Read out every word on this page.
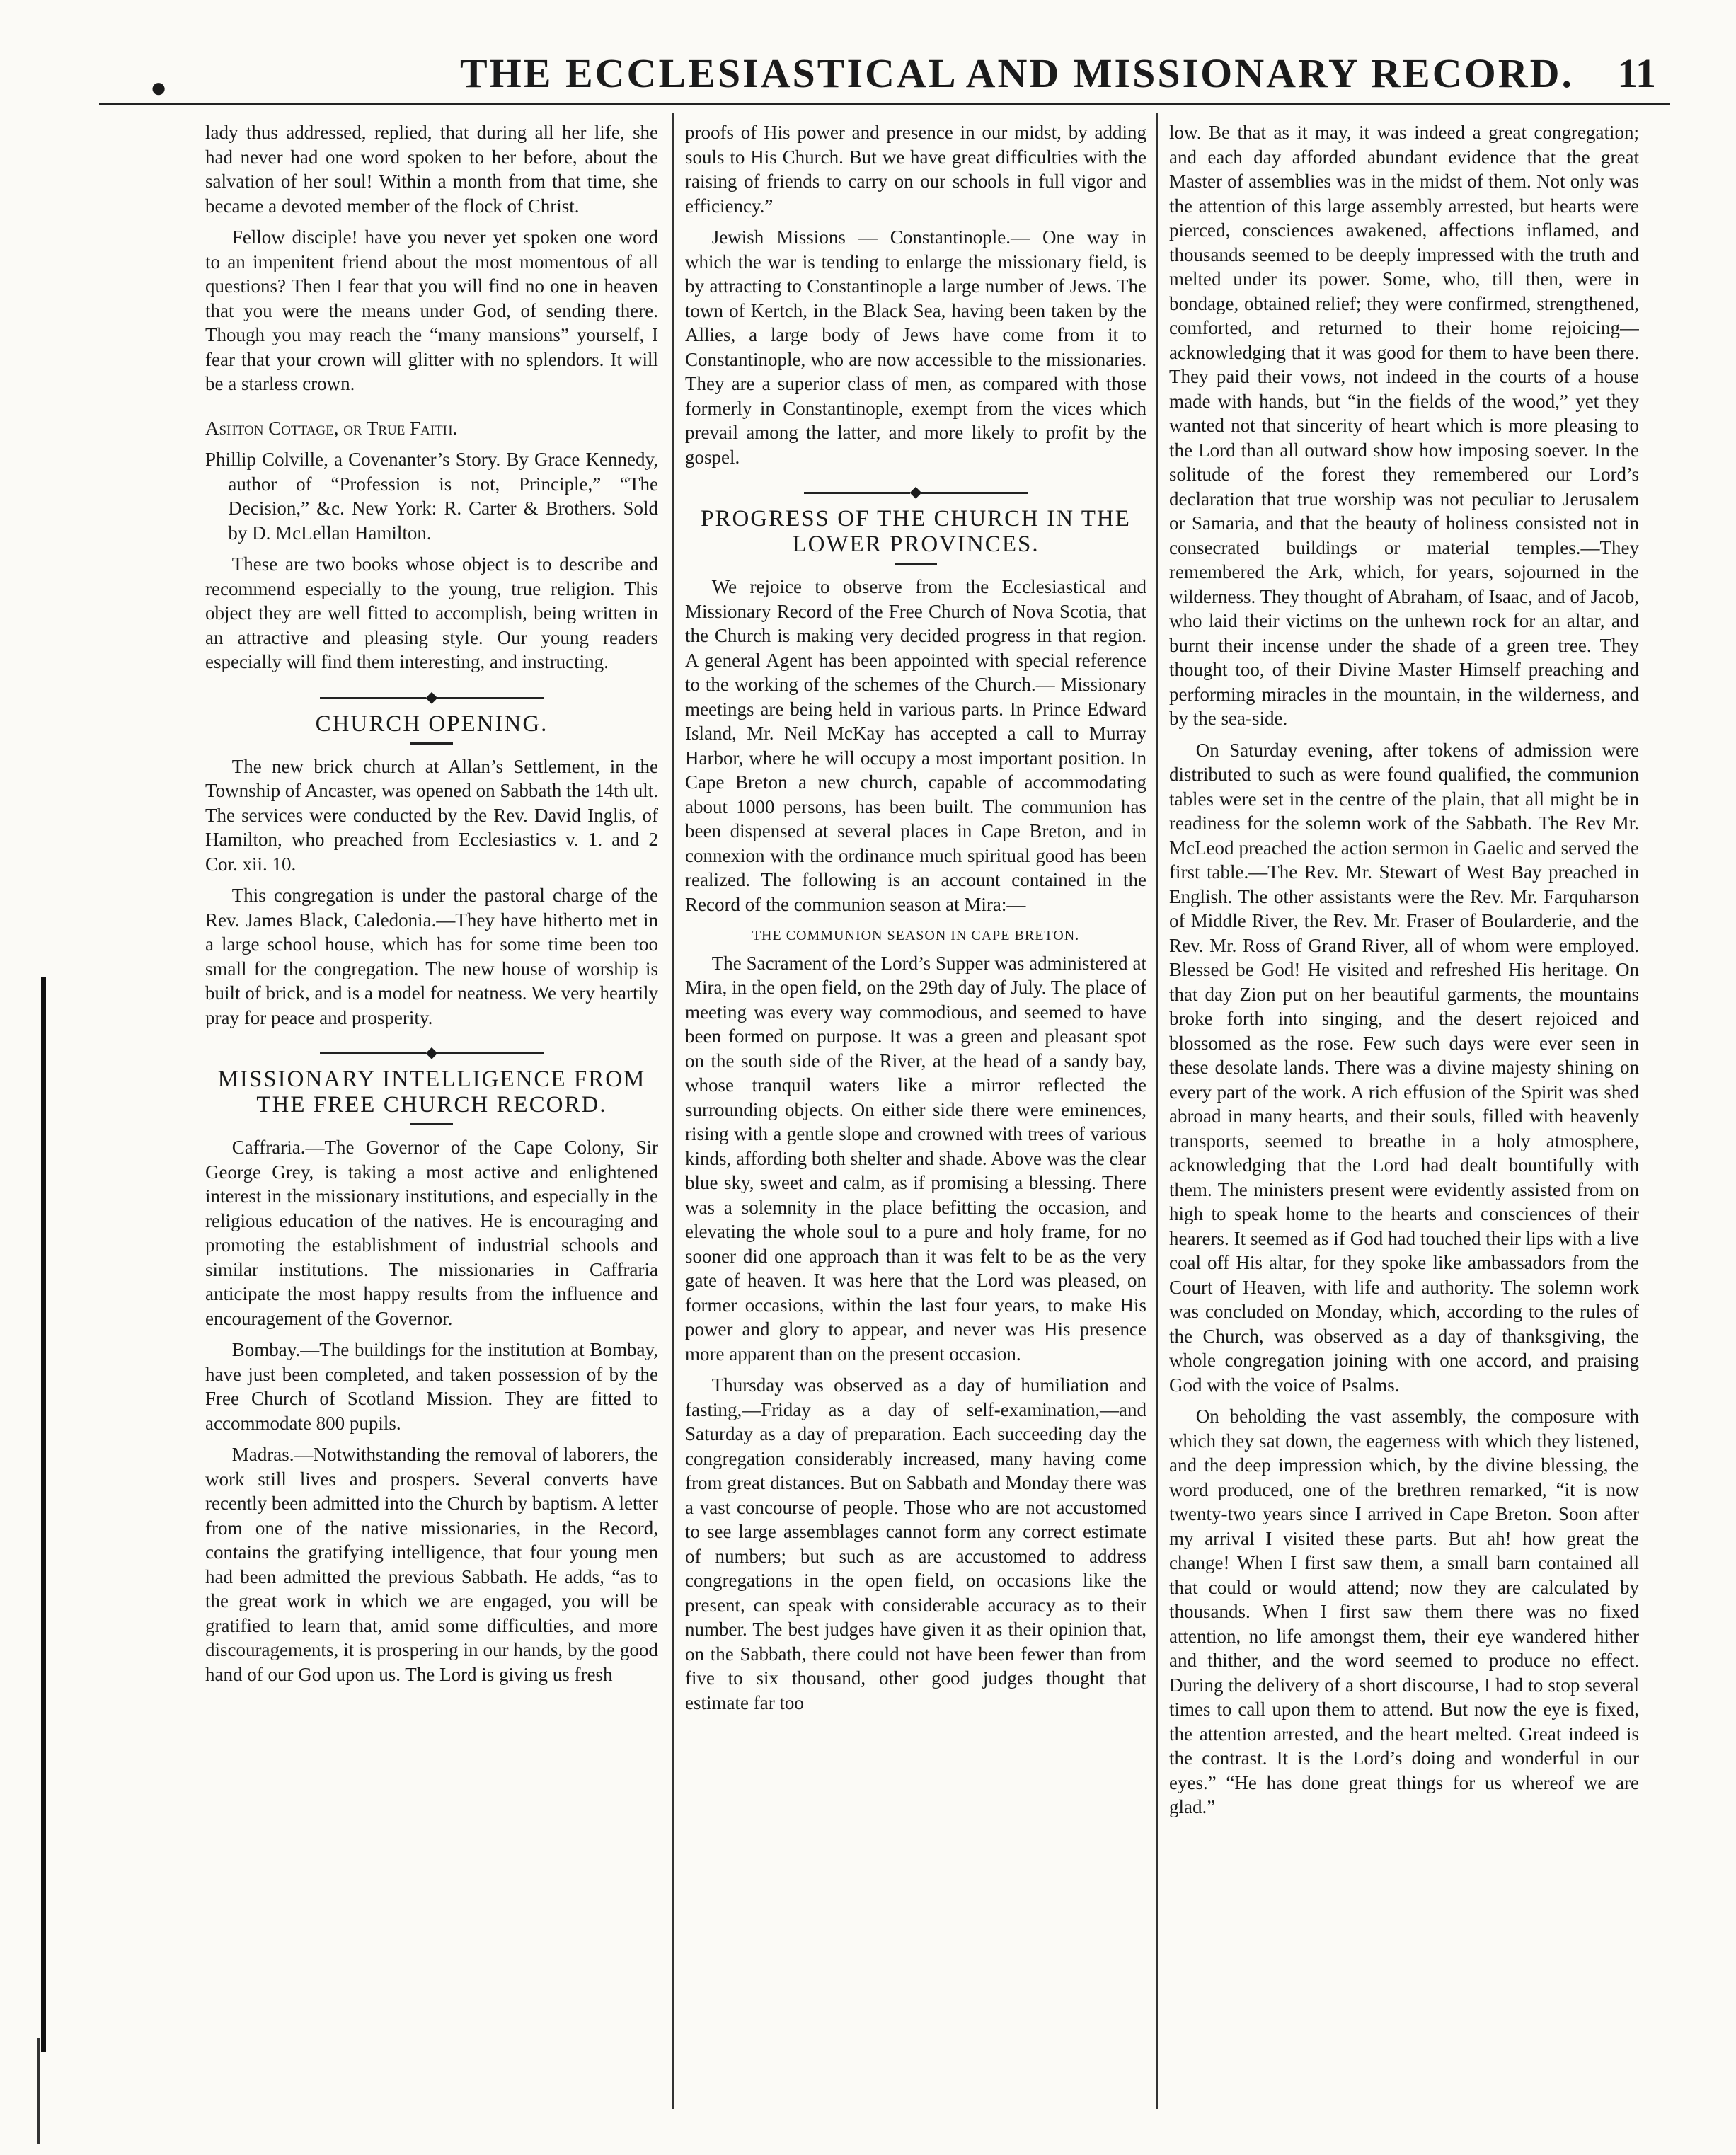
●	THE ECCLESIASTICAL AND MISSIONARY RECORD. 11

lady thus addressed, replied, that during all her life, she had never had one word spoken to her before, about the salvation of her soul! Within a month from that time, she became a devoted member of the flock of Christ.

Fellow disciple! have you never yet spoken one word to an impenitent friend about the most momentous of all questions? Then I fear that you will find no one in heaven that you were the means under God, of sending there. Though you may reach the “many mansions” yourself, I fear that your crown will glitter with no splendors. It will be a starless crown.

Ashton Cottage, or True Faith.

Phillip Colville, a Covenanter’s Story. By Grace Kennedy, author of “Profession is not, Principle,” “The Decision,” &c. New York: R. Carter & Brothers. Sold by D. McLellan Hamilton.

These are two books whose object is to describe and recommend especially to the young, true religion. This object they are well fitted to accomplish, being written in an attractive and pleasing style. Our young readers especially will find them interesting, and instructing.

◆
CHURCH OPENING.

The new brick church at Allan’s Settlement, in the Township of Ancaster, was opened on Sabbath the 14th ult. The services were conducted by the Rev. David Inglis, of Hamilton, who preached from Ecclesiastics v. 1. and 2 Cor. xii. 10.

This congregation is under the pastoral charge of the Rev. James Black, Caledonia.—They have hitherto met in a large school house, which has for some time been too small for the congregation. The new house of worship is built of brick, and is a model for neatness. We very heartily pray for peace and prosperity.

◆
MISSIONARY INTELLIGENCE FROM THE FREE CHURCH RECORD.

Caffraria.—The Governor of the Cape Colony, Sir George Grey, is taking a most active and enlightened interest in the missionary institutions, and especially in the religious education of the natives. He is encouraging and promoting the establishment of industrial schools and similar institutions. The missionaries in Caffraria anticipate the most happy results from the influence and encouragement of the Governor.

Bombay.—The buildings for the institution at Bombay, have just been completed, and taken possession of by the Free Church of Scotland Mission. They are fitted to accommodate 800 pupils.

Madras.—Notwithstanding the removal of laborers, the work still lives and prospers. Several converts have recently been admitted into the Church by baptism. A letter from one of the native missionaries, in the Record, contains the gratifying intelligence, that four young men had been admitted the previous Sabbath. He adds, “as to the great work in which we are engaged, you will be gratified to learn that, amid some difficulties, and more discouragements, it is prospering in our hands, by the good hand of our God upon us. The Lord is giving us fresh

proofs of His power and presence in our midst, by adding souls to His Church. But we have great difficulties with the raising of friends to carry on our schools in full vigor and efficiency.”

Jewish Missions — Constantinople.— One way in which the war is tending to enlarge the missionary field, is by attracting to Constantinople a large number of Jews. The town of Kertch, in the Black Sea, having been taken by the Allies, a large body of Jews have come from it to Constantinople, who are now accessible to the missionaries. They are a superior class of men, as compared with those formerly in Constantinople, exempt from the vices which prevail among the latter, and more likely to profit by the gospel.

◆
PROGRESS OF THE CHURCH IN THE LOWER PROVINCES.

We rejoice to observe from the Ecclesiastical and Missionary Record of the Free Church of Nova Scotia, that the Church is making very decided progress in that region. A general Agent has been appointed with special reference to the working of the schemes of the Church.— Missionary meetings are being held in various parts. In Prince Edward Island, Mr. Neil McKay has accepted a call to Murray Harbor, where he will occupy a most important position. In Cape Breton a new church, capable of accommodating about 1000 persons, has been built. The communion has been dispensed at several places in Cape Breton, and in connexion with the ordinance much spiritual good has been realized. The following is an account contained in the Record of the communion season at Mira:—

THE COMMUNION SEASON IN CAPE BRETON.

The Sacrament of the Lord’s Supper was administered at Mira, in the open field, on the 29th day of July. The place of meeting was every way commodious, and seemed to have been formed on purpose. It was a green and pleasant spot on the south side of the River, at the head of a sandy bay, whose tranquil waters like a mirror reflected the surrounding objects. On either side there were eminences, rising with a gentle slope and crowned with trees of various kinds, affording both shelter and shade. Above was the clear blue sky, sweet and calm, as if promising a blessing. There was a solemnity in the place befitting the occasion, and elevating the whole soul to a pure and holy frame, for no sooner did one approach than it was felt to be as the very gate of heaven. It was here that the Lord was pleased, on former occasions, within the last four years, to make His power and glory to appear, and never was His presence more apparent than on the present occasion.

Thursday was observed as a day of humiliation and fasting,—Friday as a day of self-examination,—and Saturday as a day of preparation. Each succeeding day the congregation considerably increased, many having come from great distances. But on Sabbath and Monday there was a vast concourse of people. Those who are not accustomed to see large assemblages cannot form any correct estimate of numbers; but such as are accustomed to address congregations in the open field, on occasions like the present, can speak with considerable accuracy as to their number. The best judges have given it as their opinion that, on the Sabbath, there could not have been fewer than from five to six thousand, other good judges thought that estimate far too

low. Be that as it may, it was indeed a great congregation; and each day afforded abundant evidence that the great Master of assemblies was in the midst of them. Not only was the attention of this large assembly arrested, but hearts were pierced, consciences awakened, affections inflamed, and thousands seemed to be deeply impressed with the truth and melted under its power. Some, who, till then, were in bondage, obtained relief; they were confirmed, strengthened, comforted, and returned to their home rejoicing—acknowledging that it was good for them to have been there. They paid their vows, not indeed in the courts of a house made with hands, but “in the fields of the wood,” yet they wanted not that sincerity of heart which is more pleasing to the Lord than all outward show how imposing soever. In the solitude of the forest they remembered our Lord’s declaration that true worship was not peculiar to Jerusalem or Samaria, and that the beauty of holiness consisted not in consecrated buildings or material temples.—They remembered the Ark, which, for years, sojourned in the wilderness. They thought of Abraham, of Isaac, and of Jacob, who laid their victims on the unhewn rock for an altar, and burnt their incense under the shade of a green tree. They thought too, of their Divine Master Himself preaching and performing miracles in the mountain, in the wilderness, and by the sea-side.

On Saturday evening, after tokens of admission were distributed to such as were found qualified, the communion tables were set in the centre of the plain, that all might be in readiness for the solemn work of the Sabbath. The Rev Mr. McLeod preached the action sermon in Gaelic and served the first table.—The Rev. Mr. Stewart of West Bay preached in English. The other assistants were the Rev. Mr. Farquharson of Middle River, the Rev. Mr. Fraser of Boularderie, and the Rev. Mr. Ross of Grand River, all of whom were employed. Blessed be God! He visited and refreshed His heritage. On that day Zion put on her beautiful garments, the mountains broke forth into singing, and the desert rejoiced and blossomed as the rose. Few such days were ever seen in these desolate lands. There was a divine majesty shining on every part of the work. A rich effusion of the Spirit was shed abroad in many hearts, and their souls, filled with heavenly transports, seemed to breathe in a holy atmosphere, acknowledging that the Lord had dealt bountifully with them. The ministers present were evidently assisted from on high to speak home to the hearts and consciences of their hearers. It seemed as if God had touched their lips with a live coal off His altar, for they spoke like ambassadors from the Court of Heaven, with life and authority. The solemn work was concluded on Monday, which, according to the rules of the Church, was observed as a day of thanksgiving, the whole congregation joining with one accord, and praising God with the voice of Psalms.

On beholding the vast assembly, the composure with which they sat down, the eagerness with which they listened, and the deep impression which, by the divine blessing, the word produced, one of the brethren remarked, “it is now twenty-two years since I arrived in Cape Breton. Soon after my arrival I visited these parts. But ah! how great the change! When I first saw them, a small barn contained all that could or would attend; now they are calculated by thousands. When I first saw them there was no fixed attention, no life amongst them, their eye wandered hither and thither, and the word seemed to produce no effect. During the delivery of a short discourse, I had to stop several times to call upon them to attend. But now the eye is fixed, the attention arrested, and the heart melted. Great indeed is the contrast. It is the Lord’s doing and wonderful in our eyes.” “He has done great things for us whereof we are glad.”
